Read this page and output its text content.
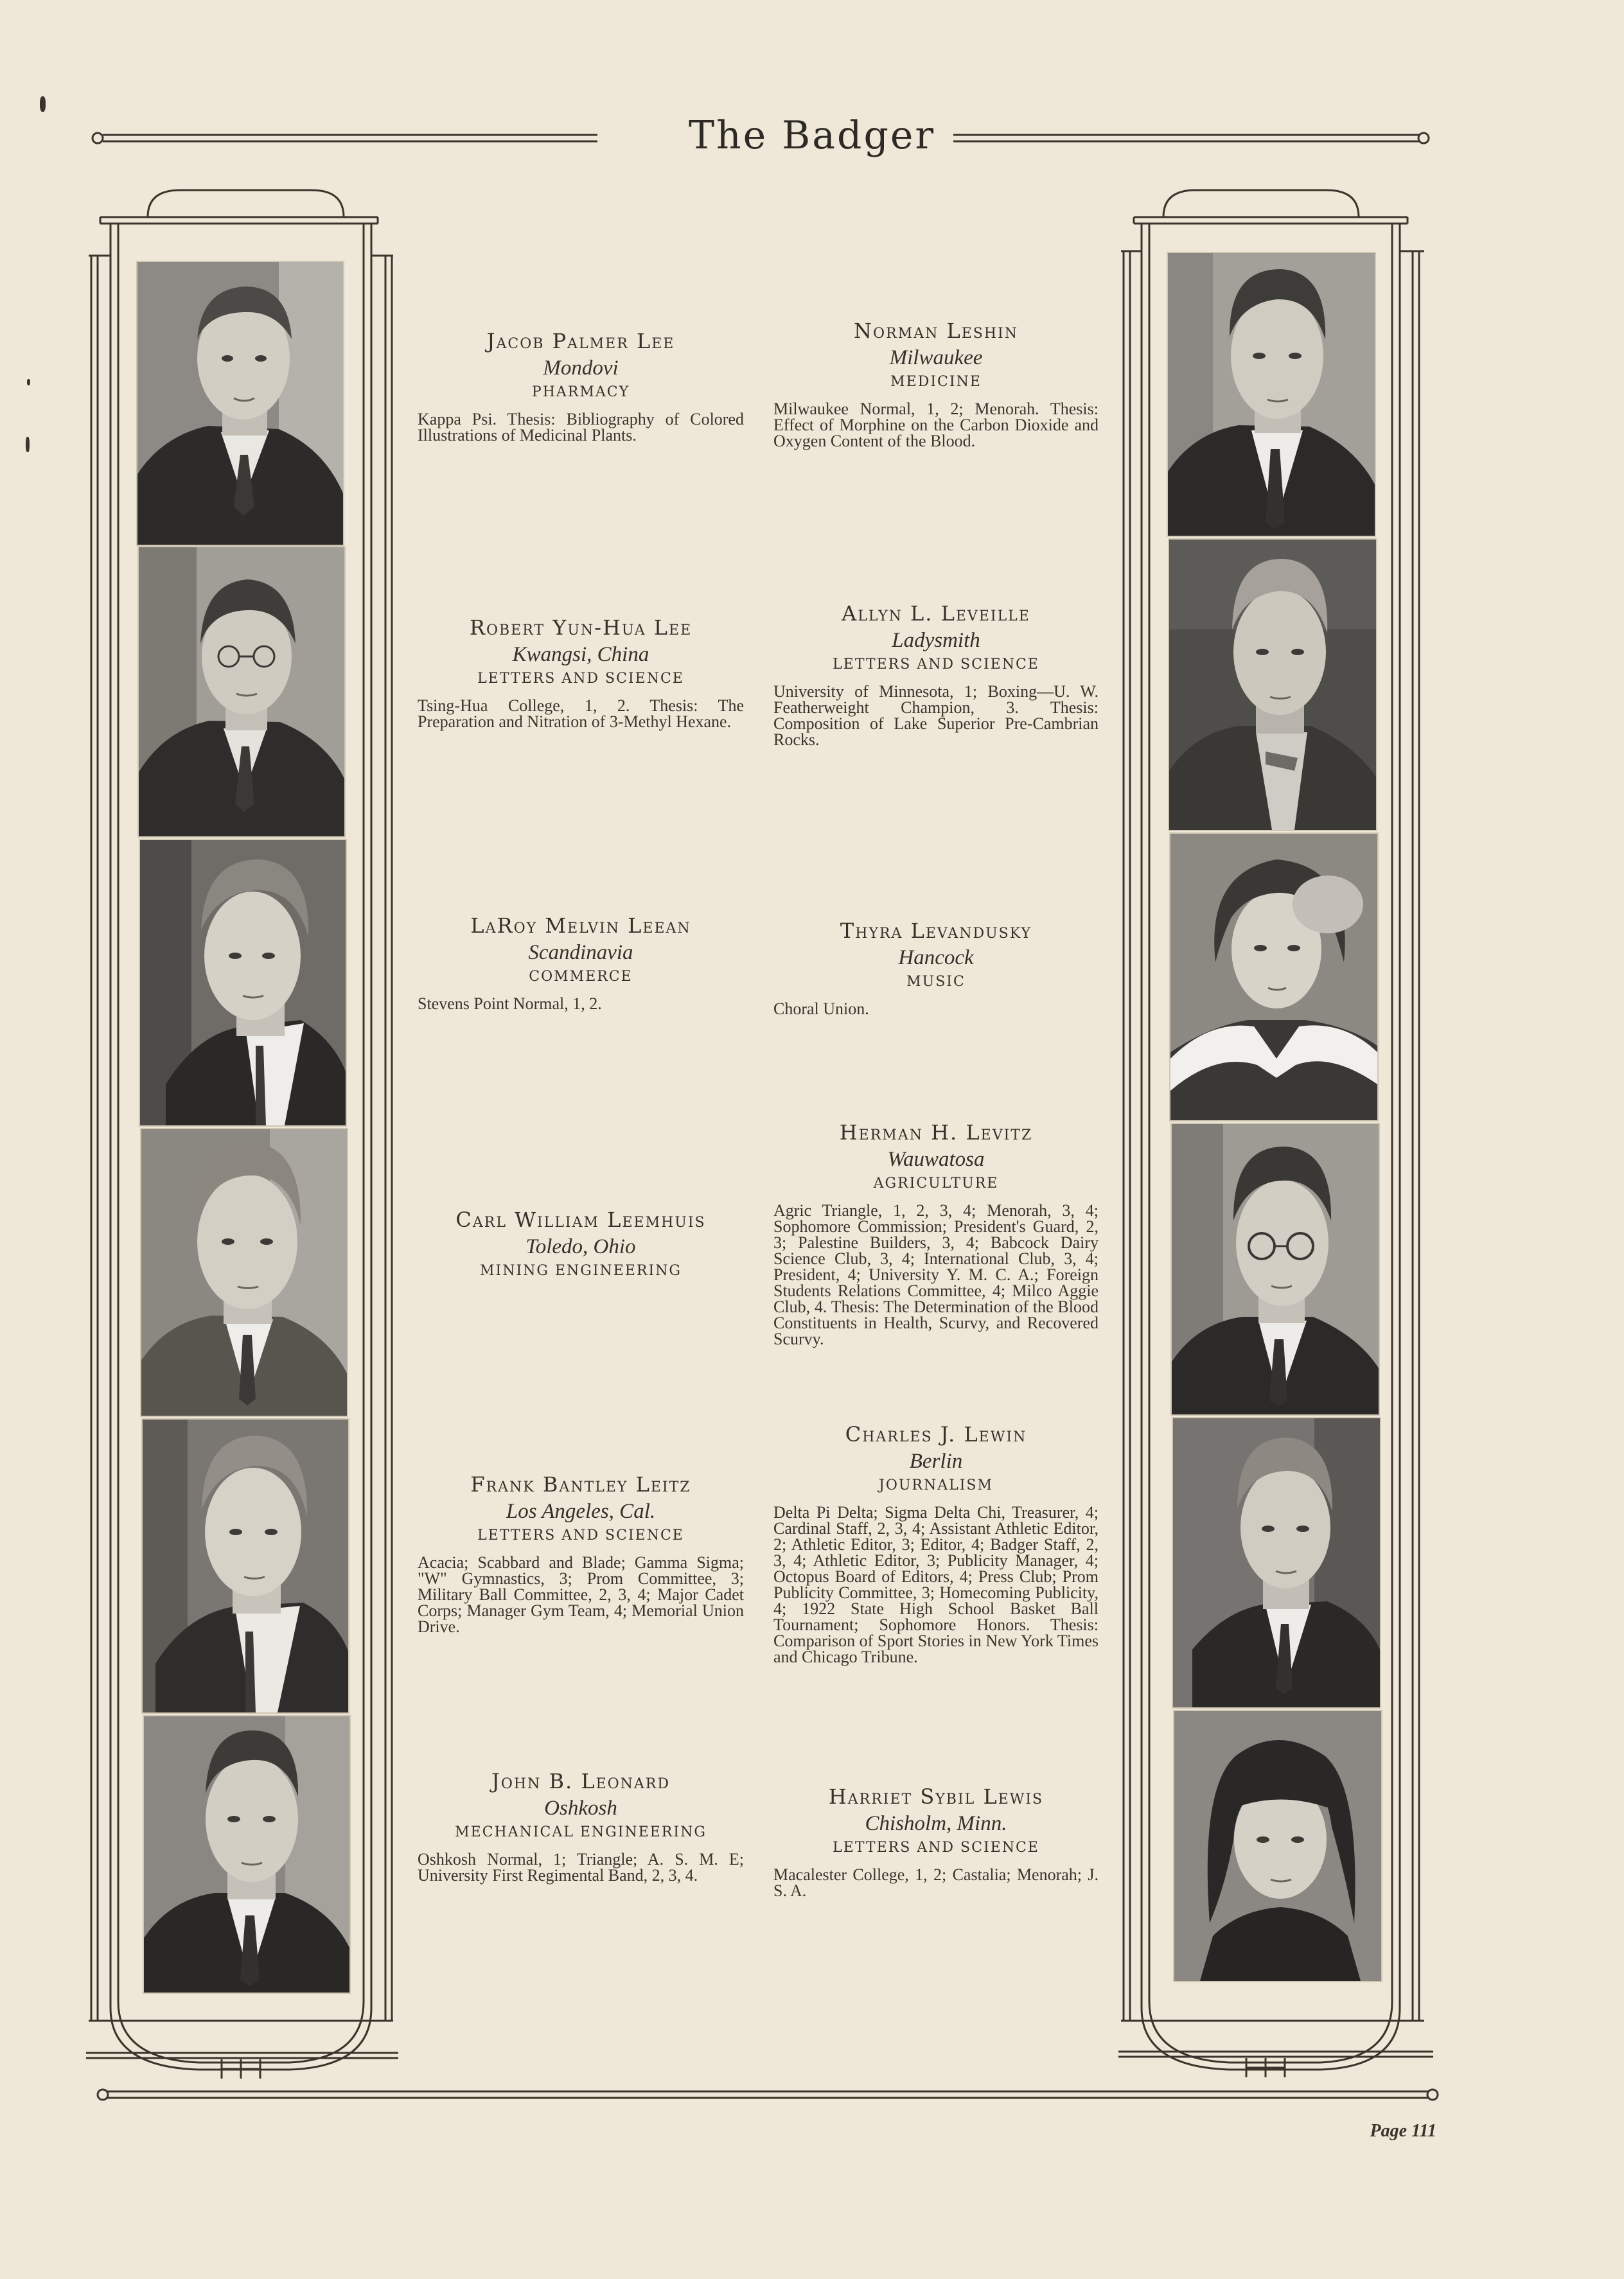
The Badger
Jacob Palmer Lee
Mondovi
PHARMACY
Kappa Psi. Thesis: Bibliography of Colored Illustrations of Medicinal Plants.
Robert Yun-Hua Lee
Kwangsi, China
LETTERS AND SCIENCE
Tsing-Hua College, 1, 2. Thesis: The Preparation and Nitration of 3-Methyl Hexane.
LaRoy Melvin Leean
Scandinavia
COMMERCE
Stevens Point Normal, 1, 2.
Carl William Leemhuis
Toledo, Ohio
MINING ENGINEERING
Frank Bantley Leitz
Los Angeles, Cal.
LETTERS AND SCIENCE
Acacia; Scabbard and Blade; Gamma Sigma; "W" Gymnastics, 3; Prom Committee, 3; Military Ball Committee, 2, 3, 4; Major Cadet Corps; Manager Gym Team, 4; Memorial Union Drive.
John B. Leonard
Oshkosh
MECHANICAL ENGINEERING
Oshkosh Normal, 1; Triangle; A. S. M. E; University First Regimental Band, 2, 3, 4.
Norman Leshin
Milwaukee
MEDICINE
Milwaukee Normal, 1, 2; Menorah. Thesis: Effect of Morphine on the Carbon Dioxide and Oxygen Content of the Blood.
Allyn L. Leveille
Ladysmith
LETTERS AND SCIENCE
University of Minnesota, 1; Boxing—U. W. Featherweight Champion, 3. Thesis: Composition of Lake Superior Pre-Cambrian Rocks.
Thyra Levandusky
Hancock
MUSIC
Choral Union.
Herman H. Levitz
Wauwatosa
AGRICULTURE
Agric Triangle, 1, 2, 3, 4; Menorah, 3, 4; Sophomore Commission; President's Guard, 2, 3; Palestine Builders, 3, 4; Babcock Dairy Science Club, 3, 4; International Club, 3, 4; President, 4; University Y. M. C. A.; Foreign Students Relations Committee, 4; Milco Aggie Club, 4. Thesis: The Determination of the Blood Constituents in Health, Scurvy, and Recovered Scurvy.
Charles J. Lewin
Berlin
JOURNALISM
Delta Pi Delta; Sigma Delta Chi, Treasurer, 4; Cardinal Staff, 2, 3, 4; Assistant Athletic Editor, 2; Athletic Editor, 3; Editor, 4; Badger Staff, 2, 3, 4; Athletic Editor, 3; Publicity Manager, 4; Octopus Board of Editors, 4; Press Club; Prom Publicity Committee, 3; Homecoming Publicity, 4; 1922 State High School Basket Ball Tournament; Sophomore Honors. Thesis: Comparison of Sport Stories in New York Times and Chicago Tribune.
Harriet Sybil Lewis
Chisholm, Minn.
LETTERS AND SCIENCE
Macalester College, 1, 2; Castalia; Menorah; J. S. A.
Page 111
